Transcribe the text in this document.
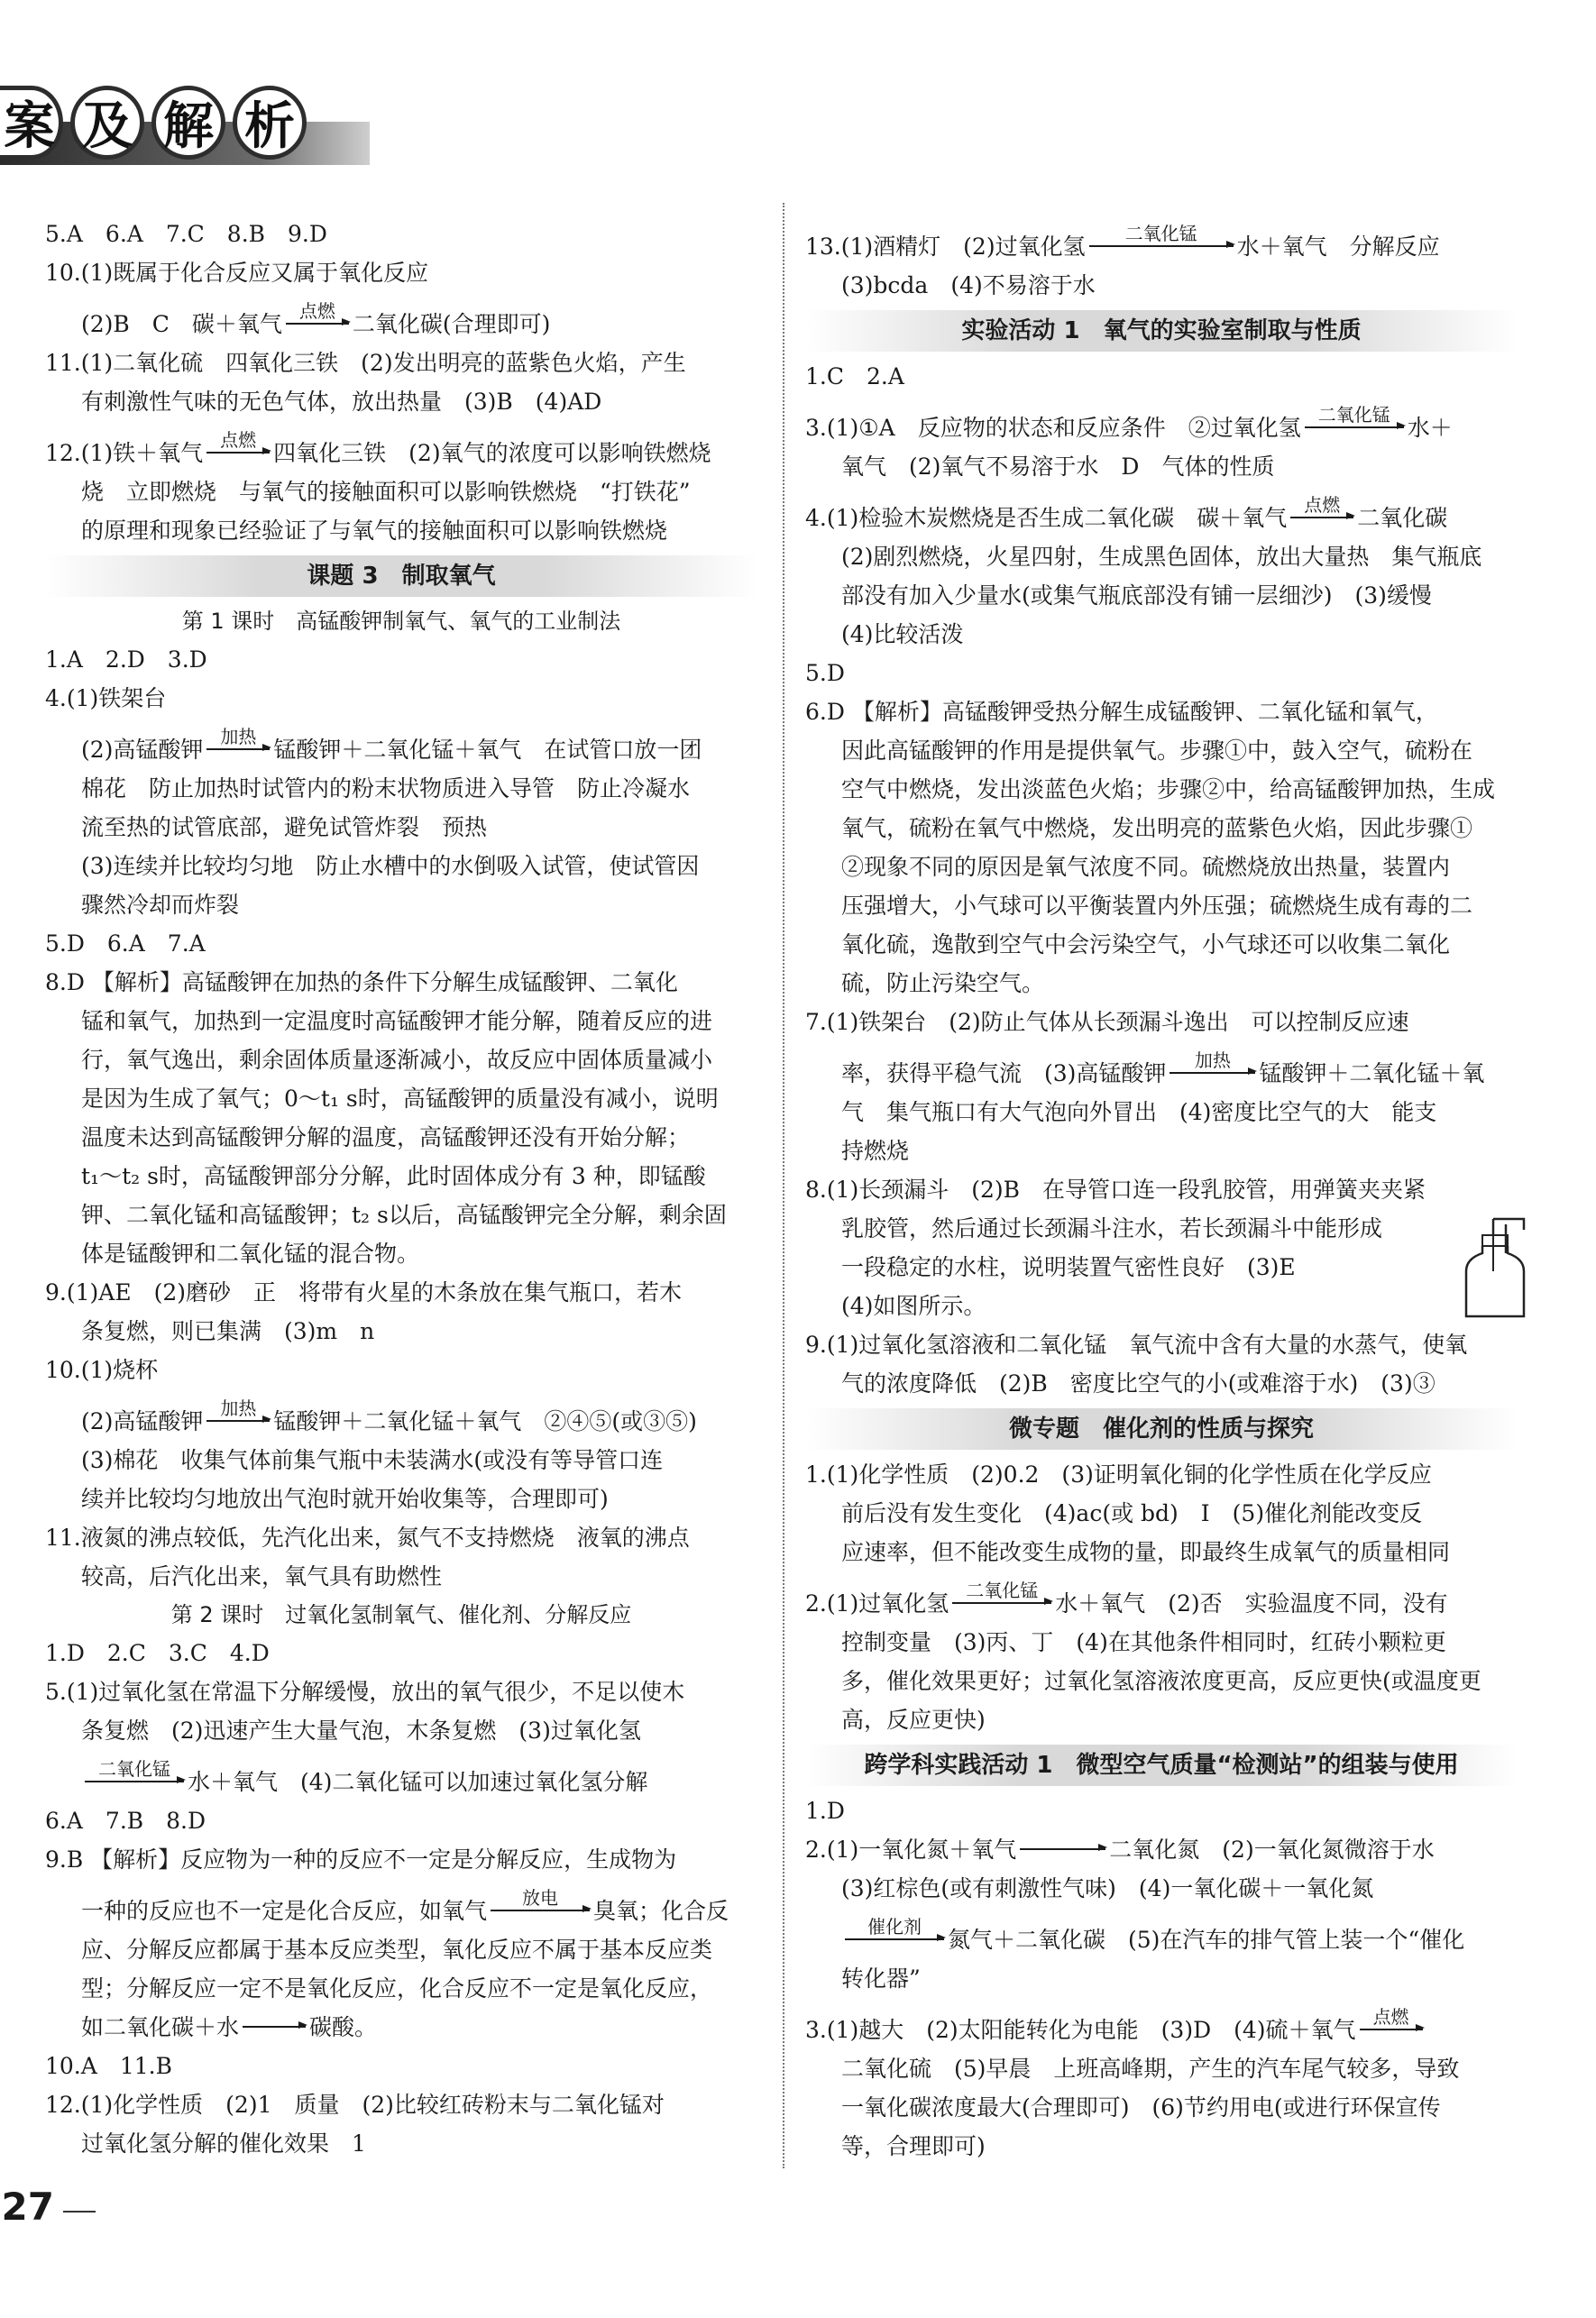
案 及 解 析

5.A　6.A　7.C　8.B　9.D

10.(1)既属于化合反应又属于氧化反应

(2)B　C　碳＋氧气 点燃 二氧化碳(合理即可)

11.(1)二氧化硫　四氧化三铁　(2)发出明亮的蓝紫色火焰，产生

有刺激性气味的无色气体，放出热量　(3)B　(4)AD

12.(1)铁＋氧气 点燃 四氧化三铁　(2)氧气的浓度可以影响铁燃烧

烧　立即燃烧　与氧气的接触面积可以影响铁燃烧　“打铁花”

的原理和现象已经验证了与氧气的接触面积可以影响铁燃烧

课题 3　制取氧气
第 1 课时　高锰酸钾制氧气、氧气的工业制法

1.A　2.D　3.D

4.(1)铁架台

(2)高锰酸钾 加热 锰酸钾＋二氧化锰＋氧气　在试管口放一团

棉花　防止加热时试管内的粉末状物质进入导管　防止冷凝水

流至热的试管底部，避免试管炸裂　预热

(3)连续并比较均匀地　防止水槽中的水倒吸入试管，使试管因

骤然冷却而炸裂

5.D　6.A　7.A

8.D 【解析】高锰酸钾在加热的条件下分解生成锰酸钾、二氧化

锰和氧气，加热到一定温度时高锰酸钾才能分解，随着反应的进

行，氧气逸出，剩余固体质量逐渐减小，故反应中固体质量减小

是因为生成了氧气；0～t₁ s时，高锰酸钾的质量没有减小，说明

温度未达到高锰酸钾分解的温度，高锰酸钾还没有开始分解；

t₁～t₂ s时，高锰酸钾部分分解，此时固体成分有 3 种，即锰酸

钾、二氧化锰和高锰酸钾；t₂ s以后，高锰酸钾完全分解，剩余固

体是锰酸钾和二氧化锰的混合物。

9.(1)AE　(2)磨砂　正　将带有火星的木条放在集气瓶口，若木

条复燃，则已集满　(3)m　n

10.(1)烧杯

(2)高锰酸钾 加热 锰酸钾＋二氧化锰＋氧气　②④⑤(或③⑤)

(3)棉花　收集气体前集气瓶中未装满水(或没有等导管口连

续并比较均匀地放出气泡时就开始收集等，合理即可)

11.液氮的沸点较低，先汽化出来，氮气不支持燃烧　液氧的沸点

较高，后汽化出来，氧气具有助燃性

第 2 课时　过氧化氢制氧气、催化剂、分解反应

1.D　2.C　3.C　4.D

5.(1)过氧化氢在常温下分解缓慢，放出的氧气很少，不足以使木

条复燃　(2)迅速产生大量气泡，木条复燃　(3)过氧化氢

二氧化锰 水＋氧气　(4)二氧化锰可以加速过氧化氢分解

6.A　7.B　8.D

9.B 【解析】反应物为一种的反应不一定是分解反应，生成物为

一种的反应也不一定是化合反应，如氧气	放电	臭氧；化合反

应、分解反应都属于基本反应类型，氧化反应不属于基本反应类

型；分解反应一定不是氧化反应，化合反应不一定是氧化反应，

如二氧化碳＋水	碳酸。

10.A　11.B

12.(1)化学性质　(2)1　质量　(2)比较红砖粉末与二氧化锰对

过氧化氢分解的催化效果　1

13.(1)酒精灯　(2)过氧化氢	二氧化锰	水＋氧气　分解反应

(3)bcda　(4)不易溶于水

实验活动 1　氧气的实验室制取与性质

1.C　2.A

3.(1)①A　反应物的状态和反应条件　②过氧化氢 二氧化锰 水＋

氧气　(2)氧气不易溶于水　D　气体的性质

4.(1)检验木炭燃烧是否生成二氧化碳　碳＋氧气 点燃 二氧化碳

(2)剧烈燃烧，火星四射，生成黑色固体，放出大量热　集气瓶底

部没有加入少量水(或集气瓶底部没有铺一层细沙)　(3)缓慢

(4)比较活泼

5.D

6.D 【解析】高锰酸钾受热分解生成锰酸钾、二氧化锰和氧气，

因此高锰酸钾的作用是提供氧气。步骤①中，鼓入空气，硫粉在

空气中燃烧，发出淡蓝色火焰；步骤②中，给高锰酸钾加热，生成

氧气，硫粉在氧气中燃烧，发出明亮的蓝紫色火焰，因此步骤①

②现象不同的原因是氧气浓度不同。硫燃烧放出热量，装置内

压强增大，小气球可以平衡装置内外压强；硫燃烧生成有毒的二

氧化硫，逸散到空气中会污染空气，小气球还可以收集二氧化

硫，防止污染空气。

7.(1)铁架台　(2)防止气体从长颈漏斗逸出　可以控制反应速

率，获得平稳气流　(3)高锰酸钾	加热	锰酸钾＋二氧化锰＋氧

气　集气瓶口有大气泡向外冒出　(4)密度比空气的大　能支

持燃烧

8.(1)长颈漏斗　(2)B　在导管口连一段乳胶管，用弹簧夹夹紧

乳胶管，然后通过长颈漏斗注水，若长颈漏斗中能形成

一段稳定的水柱，说明装置气密性良好　(3)E

(4)如图所示。

9.(1)过氧化氢溶液和二氧化锰　氧气流中含有大量的水蒸气，使氧

气的浓度降低　(2)B　密度比空气的小(或难溶于水)　(3)③

微专题　催化剂的性质与探究

1.(1)化学性质　(2)0.2　(3)证明氧化铜的化学性质在化学反应

前后没有发生变化　(4)ac(或 bd)　Ⅰ　(5)催化剂能改变反

应速率，但不能改变生成物的量，即最终生成氧气的质量相同

2.(1)过氧化氢 二氧化锰 水＋氧气　(2)否　实验温度不同，没有

控制变量　(3)丙、丁　(4)在其他条件相同时，红砖小颗粒更

多，催化效果更好；过氧化氢溶液浓度更高，反应更快(或温度更

高，反应更快)

跨学科实践活动 1　微型空气质量“检测站”的组装与使用

1.D

2.(1)一氧化氮＋氧气	二氧化氮　(2)一氧化氮微溶于水

(3)红棕色(或有刺激性气味)　(4)一氧化碳＋一氧化氮

催化剂	氮气＋二氧化碳　(5)在汽车的排气管上装一个“催化

转化器”

3.(1)越大　(2)太阳能转化为电能　(3)D　(4)硫＋氧气 点燃

二氧化硫　(5)早晨　上班高峰期，产生的汽车尾气较多，导致

一氧化碳浓度最大(合理即可)　(6)节约用电(或进行环保宣传

等，合理即可)

27
